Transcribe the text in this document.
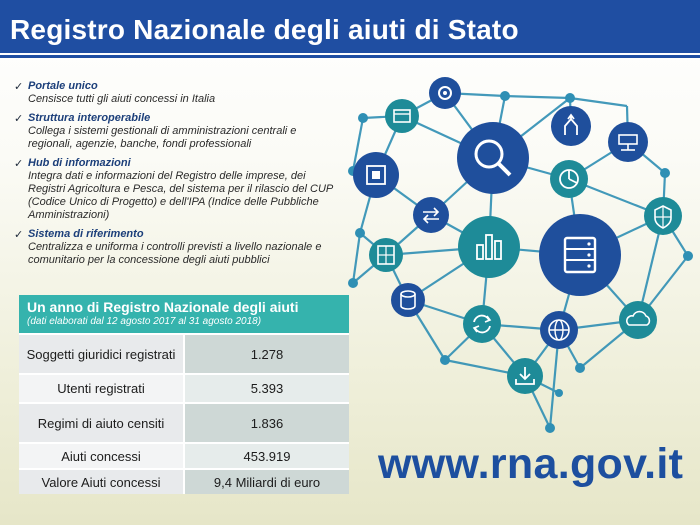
Registro Nazionale degli aiuti di Stato
✓ Portale unico
Censisce tutti gli aiuti concessi in Italia
✓ Struttura interoperabile
Collega i sistemi gestionali di amministrazioni centrali e regionali, agenzie, banche, fondi professionali
✓ Hub di informazioni
Integra dati e informazioni del Registro delle imprese, dei Registri Agricoltura e Pesca, del sistema per il rilascio del CUP (Codice Unico di Progetto) e dell'IPA (Indice delle Pubbliche Amministrazioni)
✓ Sistema di riferimento
Centralizza e uniforma i controlli previsti a livello nazionale e comunitario per la concessione degli aiuti pubblici
Un anno di Registro Nazionale degli aiuti
(dati elaborati dal 12 agosto 2017 al 31 agosto 2018)
Soggetti giuridici registrati	1.278
Utenti registrati	5.393
Regimi di aiuto censiti	1.836
Aiuti concessi	453.919
Valore Aiuti concessi	9,4 Miliardi di euro www.rna.gov.it
